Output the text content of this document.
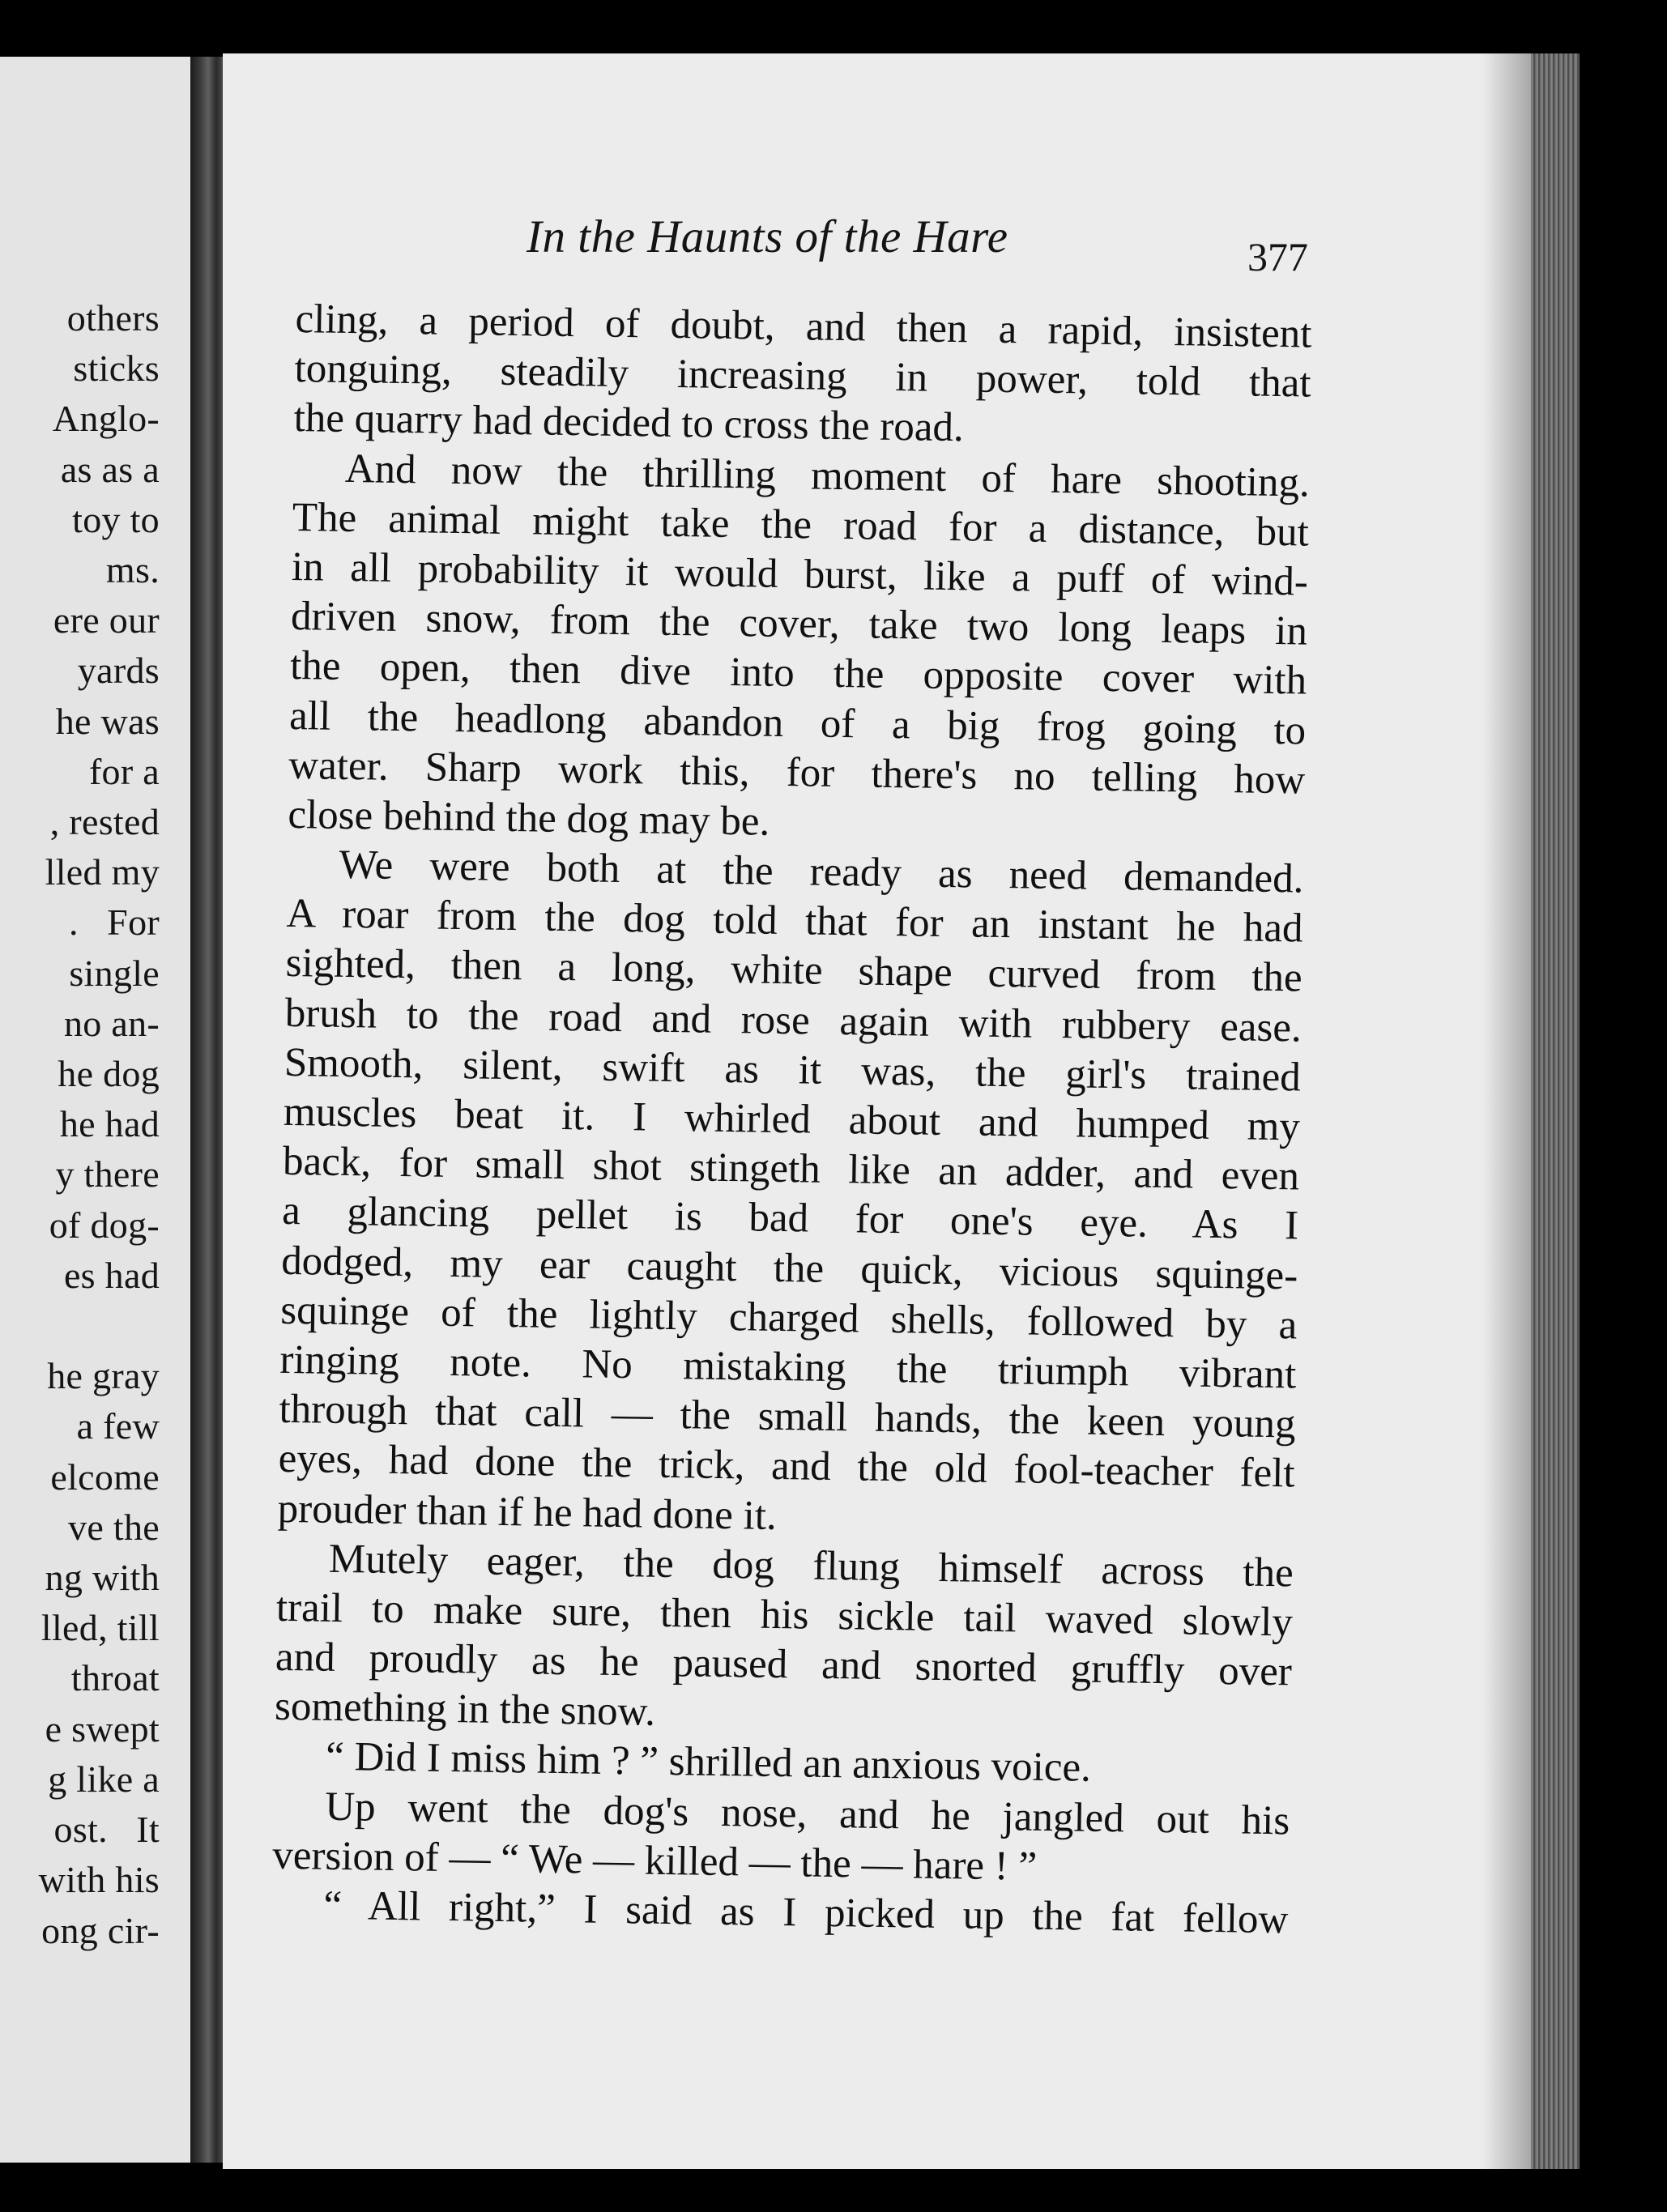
others
sticks
Anglo-
as as a
toy to
ms.
ere our
yards
he was
for a
, rested
lled my
.   For
single
no an-
he dog
he had
y there
of dog-
es had

he gray
a few
elcome
ve the
ng with
lled, till
throat
e swept
g like a
ost.   It
with his
ong cir-
In the Haunts of the Hare	377
cling, a period of doubt, and then a rapid, insistent
tonguing, steadily increasing in power, told that
the quarry had decided to cross the road.
And now the thrilling moment of hare shooting.
The animal might take the road for a distance, but
in all probability it would burst, like a puff of wind-
driven snow, from the cover, take two long leaps in
the open, then dive into the opposite cover with
all the headlong abandon of a big frog going to
water. Sharp work this, for there's no telling how
close behind the dog may be.
We were both at the ready as need demanded.
A roar from the dog told that for an instant he had
sighted, then a long, white shape curved from the
brush to the road and rose again with rubbery ease.
Smooth, silent, swift as it was, the girl's trained
muscles beat it. I whirled about and humped my
back, for small shot stingeth like an adder, and even
a glancing pellet is bad for one's eye. As I
dodged, my ear caught the quick, vicious squinge-
squinge of the lightly charged shells, followed by a
ringing note. No mistaking the triumph vibrant
through that call — the small hands, the keen young
eyes, had done the trick, and the old fool-teacher felt
prouder than if he had done it.
Mutely eager, the dog flung himself across the
trail to make sure, then his sickle tail waved slowly
and proudly as he paused and snorted gruffly over
something in the snow.
“ Did I miss him ? ” shrilled an anxious voice.
Up went the dog's nose, and he jangled out his
version of — “ We — killed — the — hare ! ”
“ All right,” I said as I picked up the fat fellow
